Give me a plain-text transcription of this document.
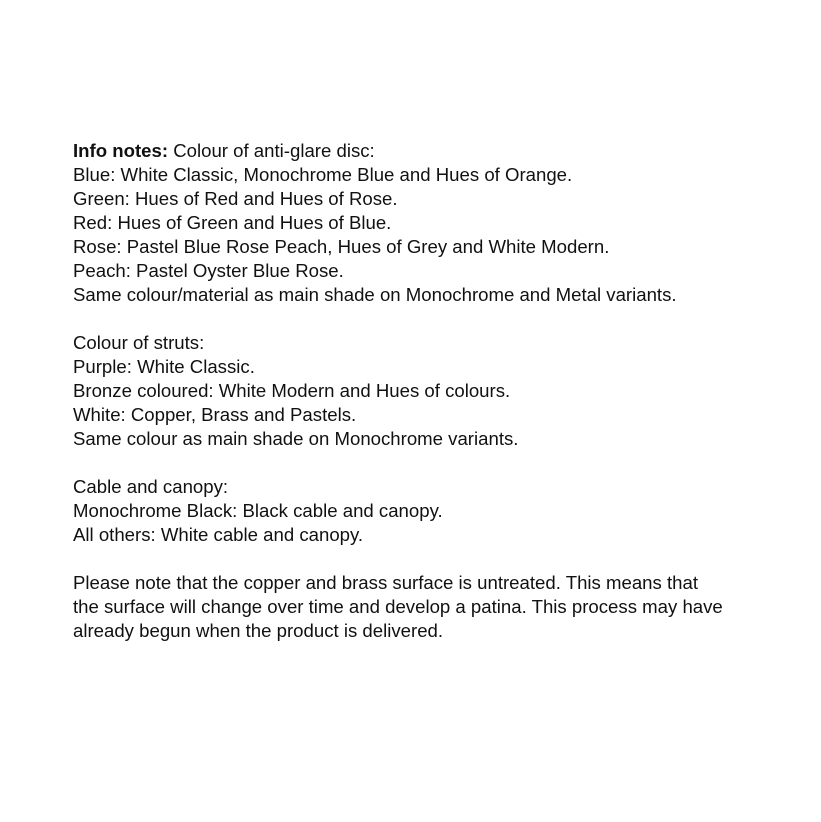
Info notes: Colour of anti-glare disc:
Blue: White Classic, Monochrome Blue and Hues of Orange.
Green: Hues of Red and Hues of Rose.
Red: Hues of Green and Hues of Blue.
Rose: Pastel Blue Rose Peach, Hues of Grey and White Modern.
Peach: Pastel Oyster Blue Rose.
Same colour/material as main shade on Monochrome and Metal variants.
Colour of struts:
Purple: White Classic.
Bronze coloured: White Modern and Hues of colours.
White: Copper, Brass and Pastels.
Same colour as main shade on Monochrome variants.
Cable and canopy:
Monochrome Black: Black cable and canopy.
All others: White cable and canopy.
Please note that the copper and brass surface is untreated. This means that
the surface will change over time and develop a patina. This process may have
already begun when the product is delivered.
